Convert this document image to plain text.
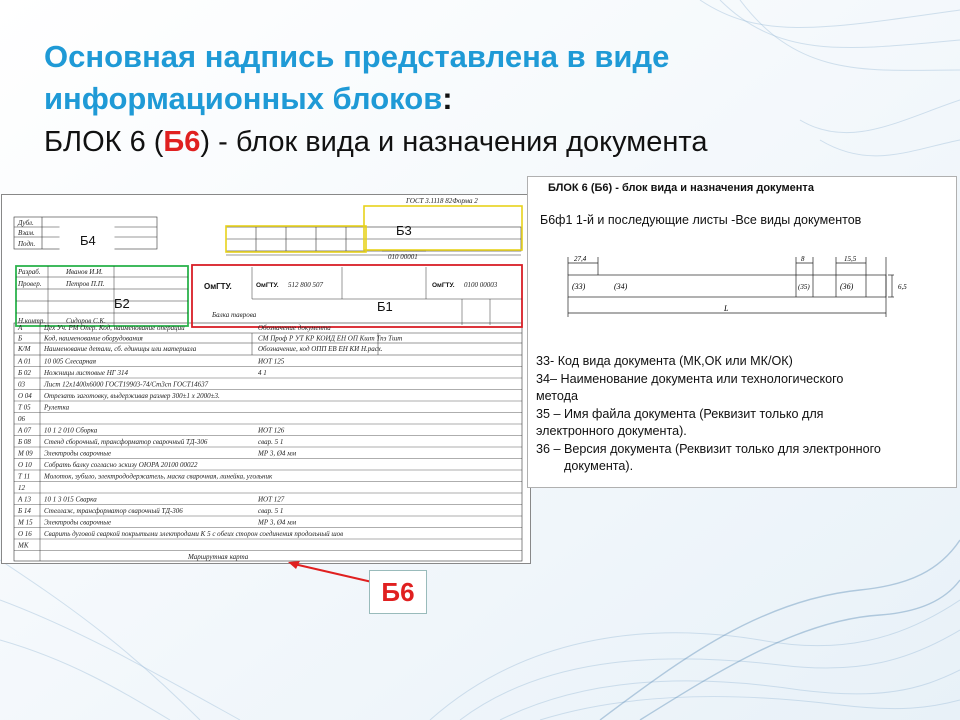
Основная надпись представлена в виде
информационных блоков:
БЛОК 6 (Б6) - блок вида и назначения документа
ГОСТ 3.1118 82Форма 2
Дубл.
Взам.
Подп.	Б4
Б3
010 00001
Б2	Б1
Разраб.	Иванов И.И.
Провер.	Петров П.П.
Н.контр.	Сидоров С.К.
ОмГТУ.	ОмГТУ. 512 800 507	ОмГТУ. 0100 00003
Балка таврова
А	Цех Уч. РМ Опер. Код, наименование операции	Обозначение документа
Б	Код, наименование оборудования	СМ Проф Р УТ КР КОИД ЕН ОП Кшт Тпз Тшт
К/М Наименование детали, сб. единицы или материала	Обозначение, код ОПП ЕВ ЕН КИ Н.расх.
А 01 10 005 Слесарная	ИОТ 125
Б 02 Ножницы листовые НГ 314	4 1
03	Лист 12х1400х6000 ГОСТ19903-74/Ст3сп ГОСТ14637
О 04 Отрезать заготовку, выдерживая размер 300±1 х 2000±3.
Т 05 Рулетка
06
А 07 10 1 2 010 Сборка	ИОТ 126
Б 08 Стенд сборочный, трансформатор сварочный ТД-306	свар. 5 1
М 09 Электроды сварочные	МР 3, Ø4 мм
О 10 Собрать балку согласно эскизу ОЮРА 20100 00022
Т 11 Молоток, зубило, электрододержатель, маска сварочная, линейка, угольник
12
А 13 10 1 3 015 Сварка	ИОТ 127
Б 14 Стеллаж, трансформатор сварочный ТД-306	свар. 5 1
М 15 Электроды сварочные	МР 3, Ø4 мм
О 16 Сварить дуговой сваркой покрытыми электродами К 5 с обеих сторон соединения продольный шов
МК
Маршрутная карта
27,4	8	15,5
6,5
L
(33)	(34)	(35)	(36)
БЛОК 6 (Б6) - блок вида и назначения документа
Б6ф1 1-й и последующие листы -Все виды документов

33- Код вида документа (МК,ОК или МК/ОК)

34– Наименование документа или технологического

метода

35 – Имя файла документа (Реквизит только для

электронного документа).

36 – Версия документа (Реквизит только для электронного

документа).

Б6
